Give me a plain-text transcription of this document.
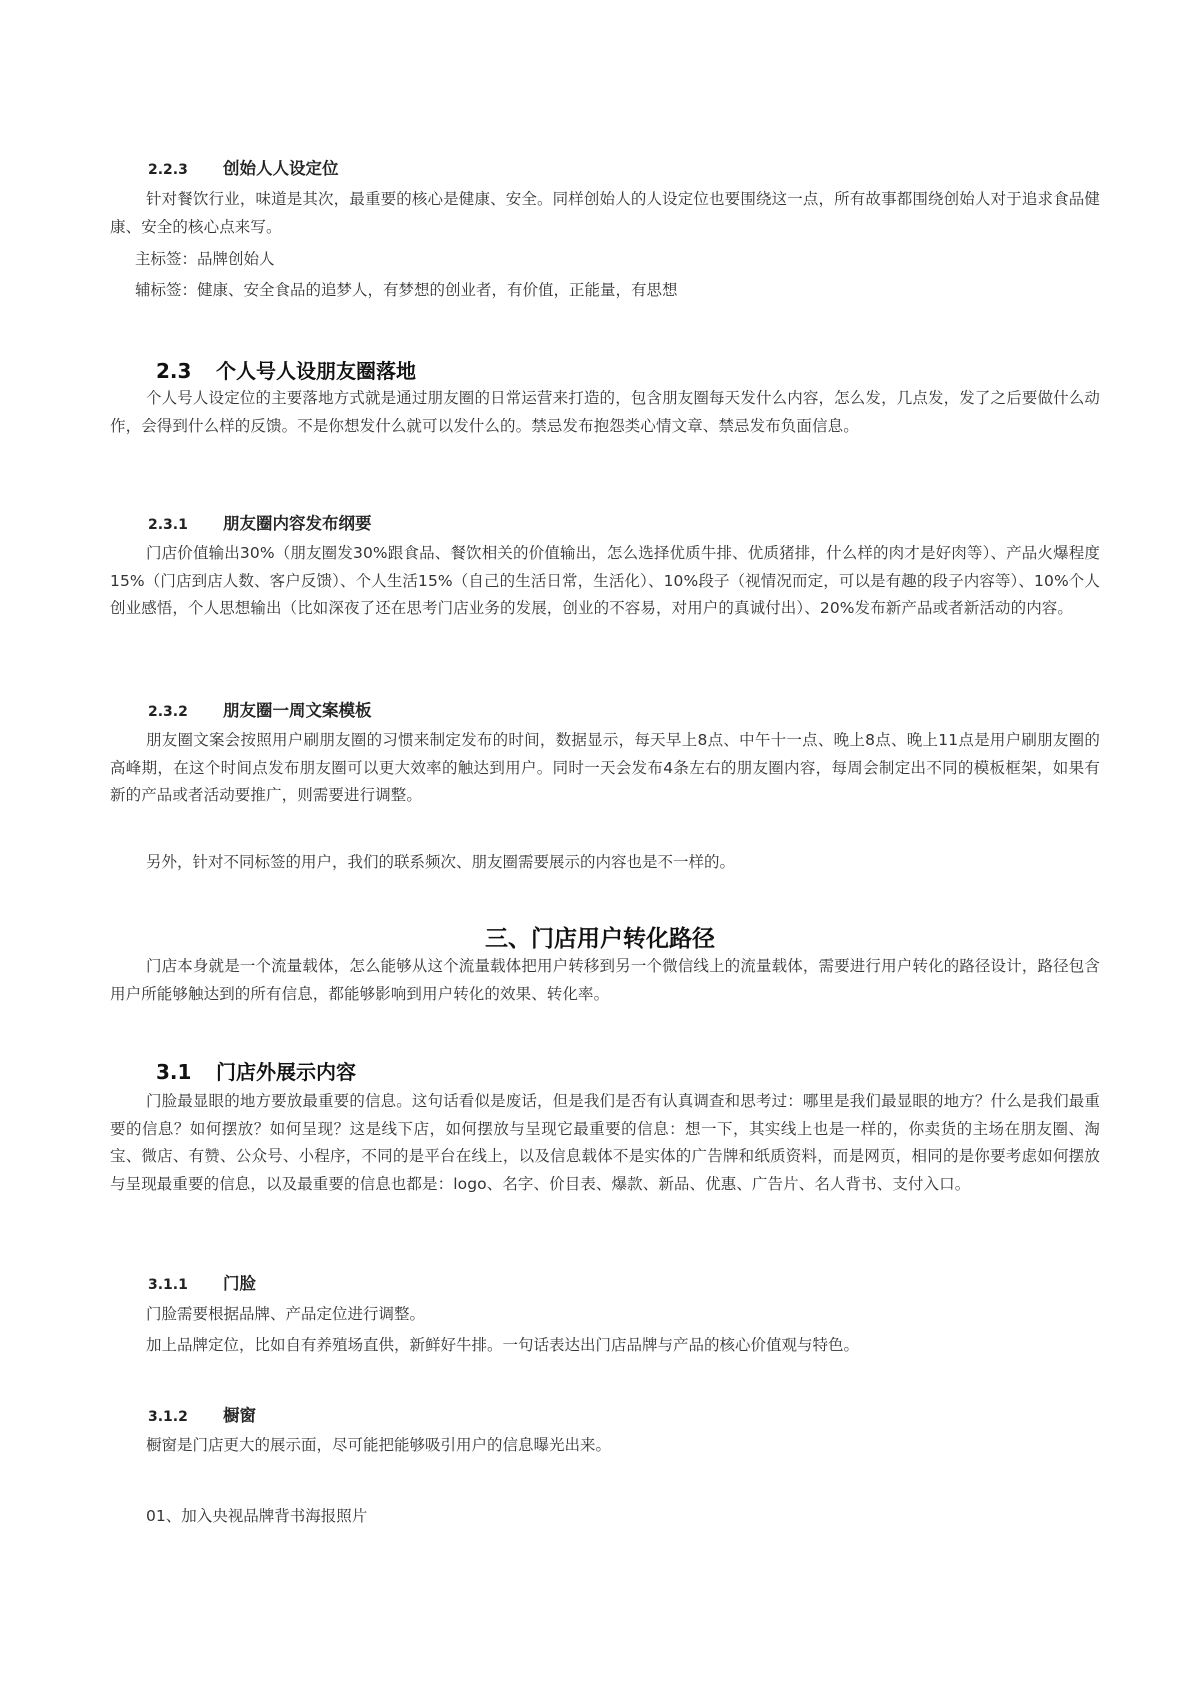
2.2.3 创始人人设定位

针对餐饮行业，味道是其次，最重要的核心是健康、安全。同样创始人的人设定位也要围绕这一点，所有故事都围绕创始人对于追求食品健康、安全的核心点来写。

主标签：品牌创始人

辅标签：健康、安全食品的追梦人，有梦想的创业者，有价值，正能量，有思想

2.3 个人号人设朋友圈落地

个人号人设定位的主要落地方式就是通过朋友圈的日常运营来打造的，包含朋友圈每天发什么内容，怎么发，几点发，发了之后要做什么动作，会得到什么样的反馈。不是你想发什么就可以发什么的。禁忌发布抱怨类心情文章、禁忌发布负面信息。

2.3.1 朋友圈内容发布纲要

门店价值输出30%（朋友圈发30%跟食品、餐饮相关的价值输出，怎么选择优质牛排、优质猪排，什么样的肉才是好肉等）、产品火爆程度15%（门店到店人数、客户反馈）、个人生活15%（自己的生活日常，生活化）、10%段子（视情况而定，可以是有趣的段子内容等）、10%个人创业感悟，个人思想输出（比如深夜了还在思考门店业务的发展，创业的不容易，对用户的真诚付出）、20%发布新产品或者新活动的内容。

2.3.2 朋友圈一周文案模板

朋友圈文案会按照用户刷朋友圈的习惯来制定发布的时间，数据显示，每天早上8点、中午十一点、晚上8点、晚上11点是用户刷朋友圈的高峰期，在这个时间点发布朋友圈可以更大效率的触达到用户。同时一天会发布4条左右的朋友圈内容，每周会制定出不同的模板框架，如果有新的产品或者活动要推广，则需要进行调整。

另外，针对不同标签的用户，我们的联系频次、朋友圈需要展示的内容也是不一样的。

三、门店用户转化路径

门店本身就是一个流量载体，怎么能够从这个流量载体把用户转移到另一个微信线上的流量载体，需要进行用户转化的路径设计，路径包含用户所能够触达到的所有信息，都能够影响到用户转化的效果、转化率。

3.1 门店外展示内容

门脸最显眼的地方要放最重要的信息。这句话看似是废话，但是我们是否有认真调查和思考过：哪里是我们最显眼的地方？什么是我们最重要的信息？如何摆放？如何呈现？这是线下店，如何摆放与呈现它最重要的信息：想一下，其实线上也是一样的，你卖货的主场在朋友圈、淘宝、微店、有赞、公众号、小程序，不同的是平台在线上，以及信息载体不是实体的广告牌和纸质资料，而是网页，相同的是你要考虑如何摆放与呈现最重要的信息，以及最重要的信息也都是：logo、名字、价目表、爆款、新品、优惠、广告片、名人背书、支付入口。

3.1.1 门脸

门脸需要根据品牌、产品定位进行调整。

加上品牌定位，比如自有养殖场直供，新鲜好牛排。一句话表达出门店品牌与产品的核心价值观与特色。

3.1.2 橱窗

橱窗是门店更大的展示面，尽可能把能够吸引用户的信息曝光出来。

01、加入央视品牌背书海报照片
